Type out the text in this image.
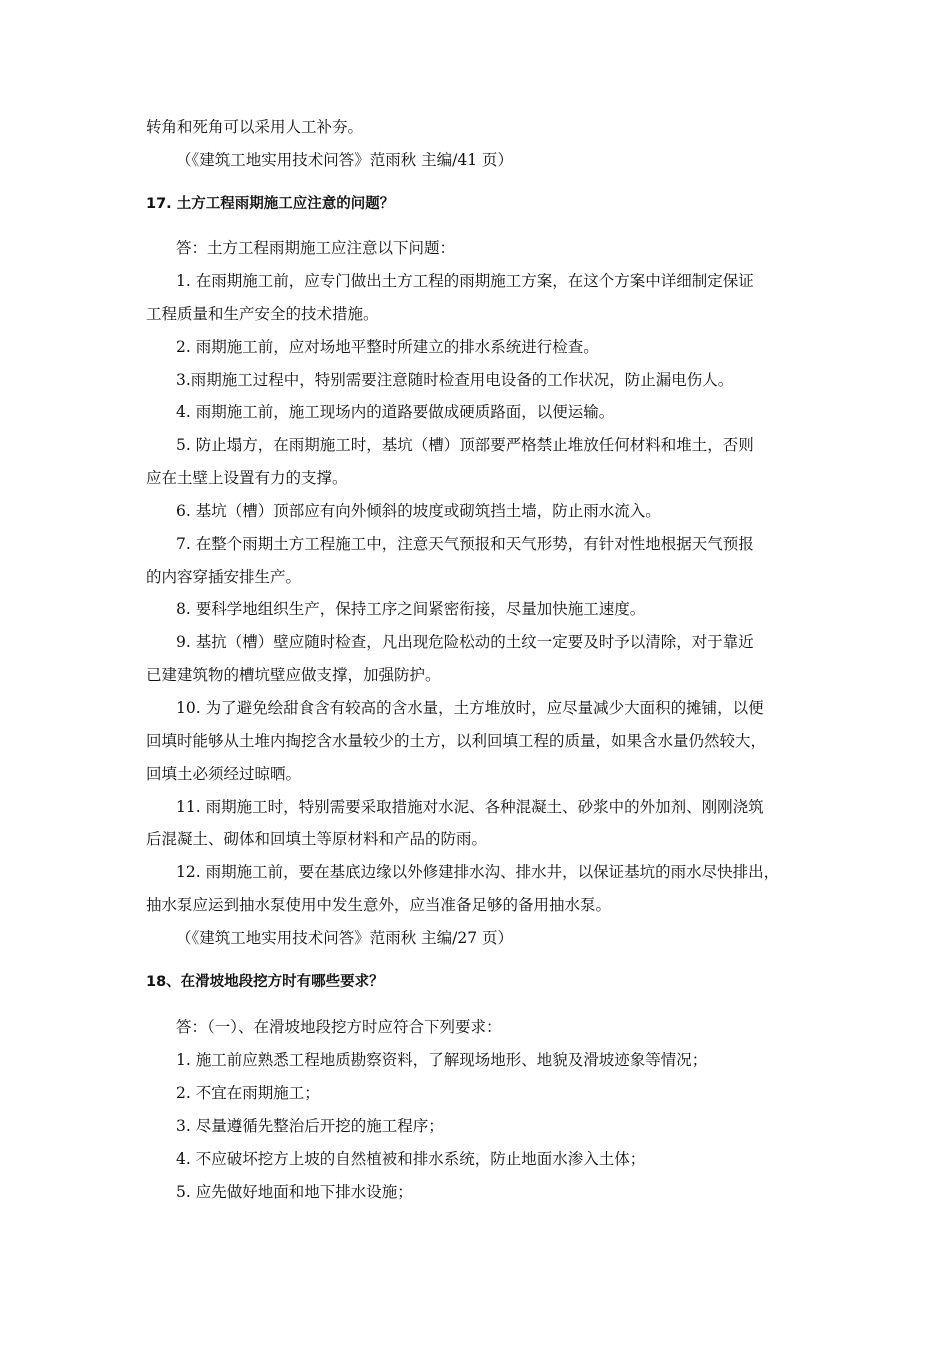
转角和死角可以采用人工补夯。
（《建筑工地实用技术问答》范雨秋 主编/41 页）
17. 土方工程雨期施工应注意的问题？
答：土方工程雨期施工应注意以下问题：
1. 在雨期施工前，应专门做出土方工程的雨期施工方案，在这个方案中详细制定保证
工程质量和生产安全的技术措施。
2. 雨期施工前，应对场地平整时所建立的排水系统进行检查。
3.雨期施工过程中，特别需要注意随时检查用电设备的工作状况，防止漏电伤人。
4. 雨期施工前，施工现场内的道路要做成硬质路面，以便运输。
5. 防止塌方，在雨期施工时，基坑（槽）顶部要严格禁止堆放任何材料和堆土，否则
应在土壁上设置有力的支撑。
6. 基坑（槽）顶部应有向外倾斜的坡度或砌筑挡土墙，防止雨水流入。
7. 在整个雨期土方工程施工中，注意天气预报和天气形势，有针对性地根据天气预报
的内容穿插安排生产。
8. 要科学地组织生产，保持工序之间紧密衔接，尽量加快施工速度。
9. 基抗（槽）壁应随时检查，凡出现危险松动的土纹一定要及时予以清除，对于靠近
已建建筑物的槽坑壁应做支撑，加强防护。
10. 为了避免绘甜食含有较高的含水量，土方堆放时，应尽量减少大面积的摊铺，以便
回填时能够从土堆内掏挖含水量较少的土方，以利回填工程的质量，如果含水量仍然较大，
回填土必须经过晾晒。
11. 雨期施工时，特别需要采取措施对水泥、各种混凝土、砂浆中的外加剂、刚刚浇筑
后混凝土、砌体和回填土等原材料和产品的防雨。
12. 雨期施工前，要在基底边缘以外修建排水沟、排水井，以保证基坑的雨水尽快排出，
抽水泵应运到抽水泵使用中发生意外，应当准备足够的备用抽水泵。
（《建筑工地实用技术问答》范雨秋 主编/27 页）
18、在滑坡地段挖方时有哪些要求？
答：（一）、在滑坡地段挖方时应符合下列要求：
1. 施工前应熟悉工程地质勘察资料，了解现场地形、地貌及滑坡迹象等情况；
2. 不宜在雨期施工；
3. 尽量遵循先整治后开挖的施工程序；
4. 不应破坏挖方上坡的自然植被和排水系统，防止地面水渗入土体；
5. 应先做好地面和地下排水设施；
